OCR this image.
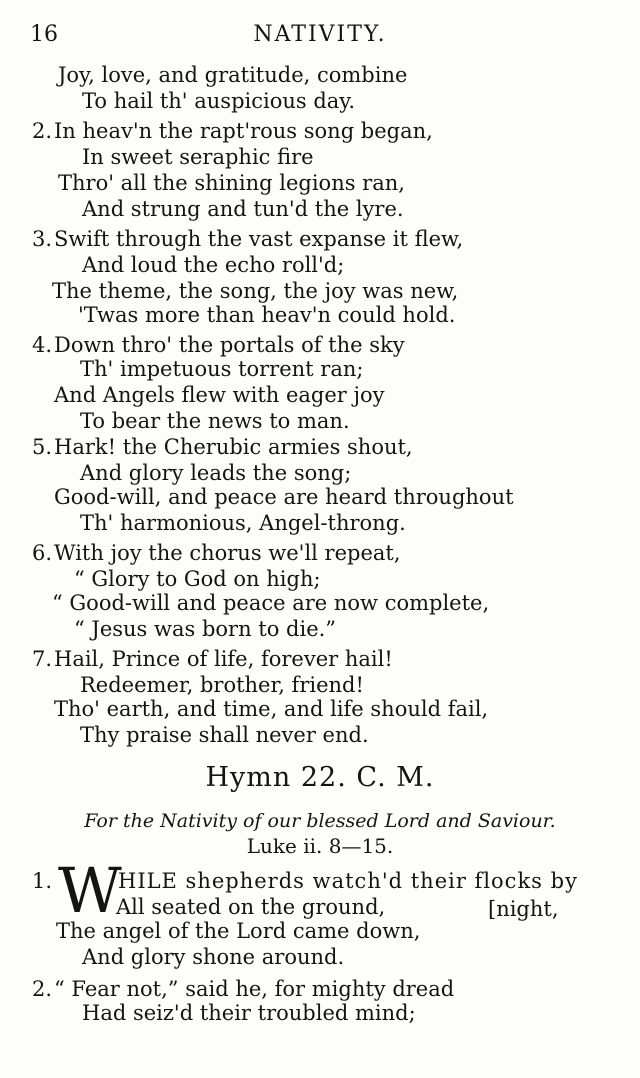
16	NATIVITY.
Joy, love, and gratitude, combine
To hail th' auspicious day.
2.In heav'n the rapt'rous song began,
In sweet seraphic fire
Thro' all the shining legions ran,
And strung and tun'd the lyre.
3.Swift through the vast expanse it flew,
And loud the echo roll'd;
The theme, the song, the joy was new,
'Twas more than heav'n could hold.
4.Down thro' the portals of the sky
Th' impetuous torrent ran;
And Angels flew with eager joy
To bear the news to man.
5.Hark! the Cherubic armies shout,
And glory leads the song;
Good-will, and peace are heard throughout
Th' harmonious, Angel-throng.
6.With joy the chorus we'll repeat,
“ Glory to God on high;
“ Good-will and peace are now complete,
“ Jesus was born to die.”
7.Hail, Prince of life, forever hail!
Redeemer, brother, friend!
Tho' earth, and time, and life should fail,
Thy praise shall never end.
Hymn 22. C. M.
For the Nativity of our blessed Lord and Saviour.
Luke ii. 8—15.
1. W
HILE shepherds watch'd their flocks by
All seated on the ground,	[night,
The angel of the Lord came down,
And glory shone around.
2.“ Fear not,” said he, for mighty dread
Had seiz'd their troubled mind;
